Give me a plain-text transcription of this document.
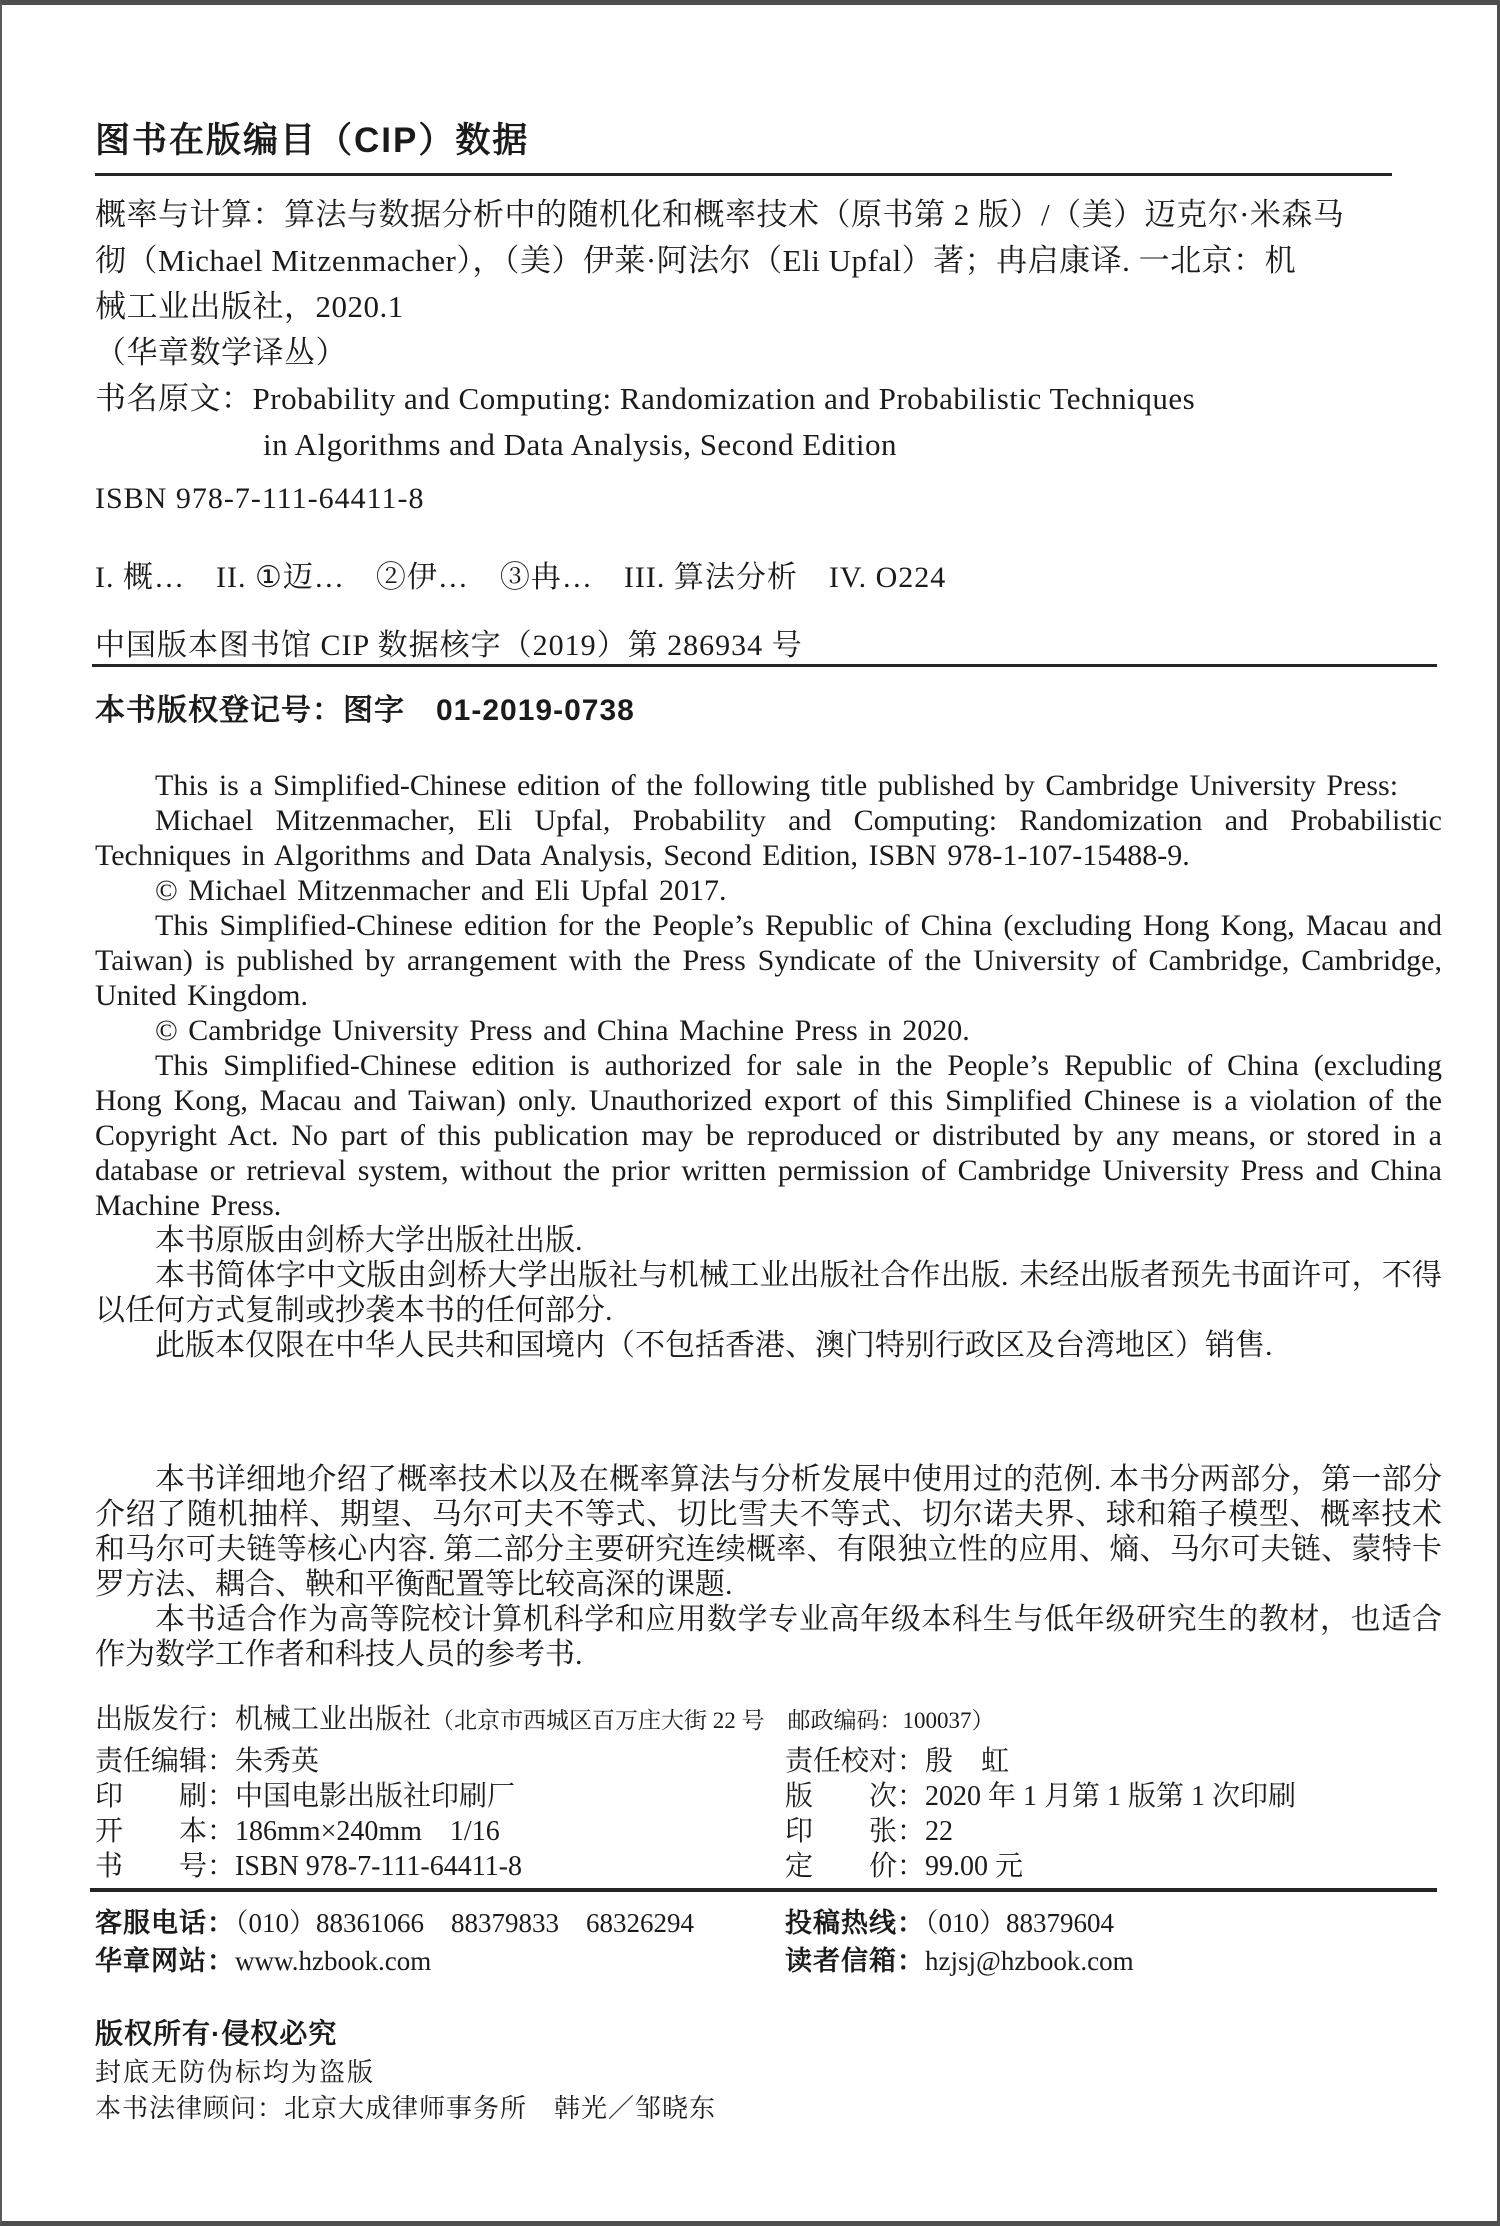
图书在版编目（CIP）数据
概率与计算：算法与数据分析中的随机化和概率技术（原书第 2 版）/（美）迈克尔·米森马
彻（Michael Mitzenmacher），（美）伊莱·阿法尔（Eli Upfal）著；冉启康译. 一北京：机
械工业出版社，2020.1
（华章数学译丛）
书名原文：Probability and Computing: Randomization and Probabilistic Techniques
in Algorithms and Data Analysis, Second Edition
ISBN 978-7-111-64411-8
I. 概…　II. ①迈…　②伊…　③冉…　III. 算法分析　IV. O224
中国版本图书馆 CIP 数据核字（2019）第 286934 号
本书版权登记号：图字　01-2019-0738

This is a Simplified-Chinese edition of the following title published by Cambridge University Press:

Michael Mitzenmacher, Eli Upfal, Probability and Computing: Randomization and Probabilistic Techniques in Algorithms and Data Analysis, Second Edition, ISBN 978-1-107-15488-9.

© Michael Mitzenmacher and Eli Upfal 2017.

This Simplified-Chinese edition for the People’s Republic of China (excluding Hong Kong, Macau and Taiwan) is published by arrangement with the Press Syndicate of the University of Cambridge, Cambridge, United Kingdom.

© Cambridge University Press and China Machine Press in 2020.

This Simplified-Chinese edition is authorized for sale in the People’s Republic of China (excluding Hong Kong, Macau and Taiwan) only. Unauthorized export of this Simplified Chinese is a violation of the Copyright Act. No part of this publication may be reproduced or distributed by any means, or stored in a database or retrieval system, without the prior written permission of Cambridge University Press and China Machine Press.

本书原版由剑桥大学出版社出版.

本书简体字中文版由剑桥大学出版社与机械工业出版社合作出版. 未经出版者预先书面许可，不得以任何方式复制或抄袭本书的任何部分.

此版本仅限在中华人民共和国境内（不包括香港、澳门特别行政区及台湾地区）销售.

本书详细地介绍了概率技术以及在概率算法与分析发展中使用过的范例. 本书分两部分，第一部分介绍了随机抽样、期望、马尔可夫不等式、切比雪夫不等式、切尔诺夫界、球和箱子模型、概率技术和马尔可夫链等核心内容. 第二部分主要研究连续概率、有限独立性的应用、熵、马尔可夫链、蒙特卡罗方法、耦合、鞅和平衡配置等比较高深的课题.

本书适合作为高等院校计算机科学和应用数学专业高年级本科生与低年级研究生的教材，也适合作为数学工作者和科技人员的参考书.

出版发行：机械工业出版社（北京市西城区百万庄大街 22 号　邮政编码：100037）
责任编辑：朱秀英	责任校对：殷　虹
印　　刷：中国电影出版社印刷厂	版　　次：2020 年 1 月第 1 版第 1 次印刷
开　　本：186mm×240mm　1/16	印　　张：22
书　　号：ISBN 978-7-111-64411-8	定　　价：99.00 元
客服电话：（010）88361066　88379833　68326294	投稿热线：（010）88379604
华章网站：www.hzbook.com	读者信箱：hzjsj@hzbook.com
版权所有·侵权必究
封底无防伪标均为盗版
本书法律顾问：北京大成律师事务所　韩光／邹晓东
